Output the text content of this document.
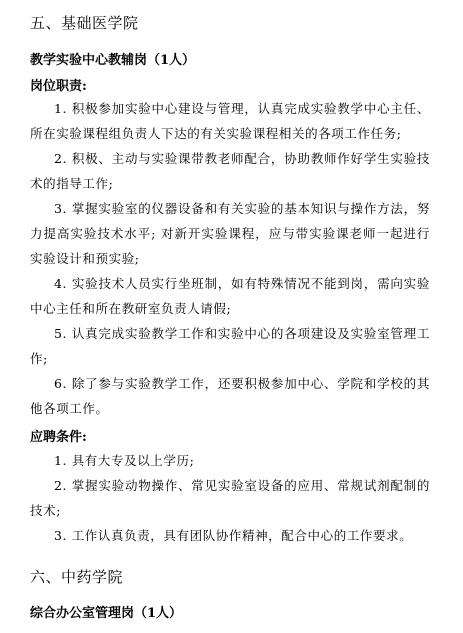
五、基础医学院
教学实验中心教辅岗（1人）
岗位职责:
1. 积极参加实验中心建设与管理，认真完成实验教学中心主任、所在实验课程组负责人下达的有关实验课程相关的各项工作任务;
2. 积极、主动与实验课带教老师配合，协助教师作好学生实验技术的指导工作;
3. 掌握实验室的仪器设备和有关实验的基本知识与操作方法，努力提高实验技术水平; 对新开实验课程，应与带实验课老师一起进行实验设计和预实验;
4. 实验技术人员实行坐班制，如有特殊情况不能到岗，需向实验中心主任和所在教研室负责人请假;
5. 认真完成实验教学工作和实验中心的各项建设及实验室管理工作;
6. 除了参与实验教学工作，还要积极参加中心、学院和学校的其他各项工作。
应聘条件:
1. 具有大专及以上学历;
2. 掌握实验动物操作、常见实验室设备的应用、常规试剂配制的技术;
3. 工作认真负责，具有团队协作精神，配合中心的工作要求。
六、中药学院
综合办公室管理岗（1人）
